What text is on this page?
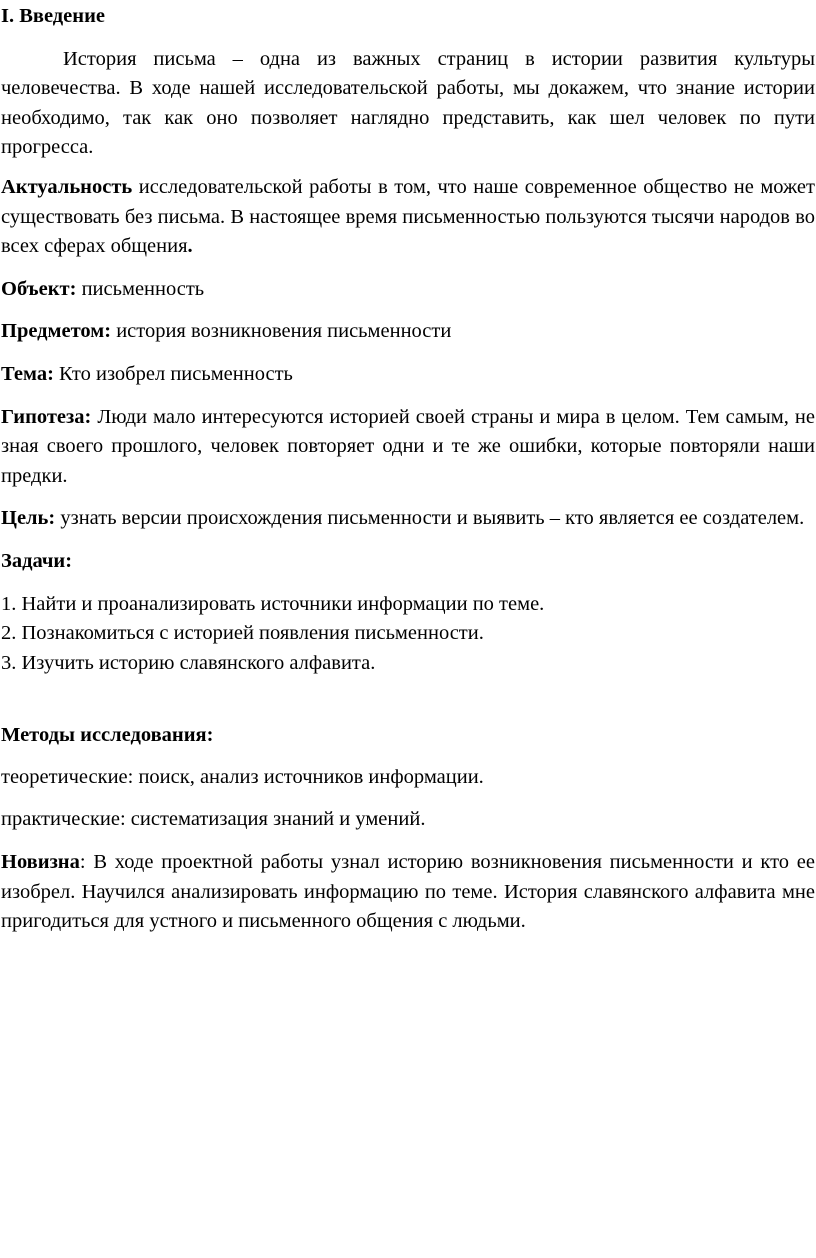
I. Введение

История письма – одна из важных страниц в истории развития культуры человечества. В ходе нашей исследовательской работы, мы докажем, что знание истории необходимо, так как оно позволяет наглядно представить, как шел человек по пути прогресса.

Актуальность исследовательской работы в том, что наше современное общество не может существовать без письма. В настоящее время письменностью пользуются тысячи народов во всех сферах общения.

Объект: письменность

Предметом: история возникновения письменности

Тема: Кто изобрел письменность

Гипотеза: Люди мало интересуются историей своей страны и мира в целом. Тем самым, не зная своего прошлого, человек повторяет одни и те же ошибки, которые повторяли наши предки.

Цель: узнать версии происхождения письменности и выявить – кто является ее создателем.

Задачи:

1. Найти и проанализировать источники информации по теме.

2. Познакомиться с историей появления письменности.

3. Изучить историю славянского алфавита.

Методы исследования:

теоретические: поиск, анализ источников информации.

практические: систематизация знаний и умений.

Новизна: В ходе проектной работы узнал историю возникновения письменности и кто ее изобрел. Научился анализировать информацию по теме. История славянского алфавита мне пригодиться для устного и письменного общения с людьми.
